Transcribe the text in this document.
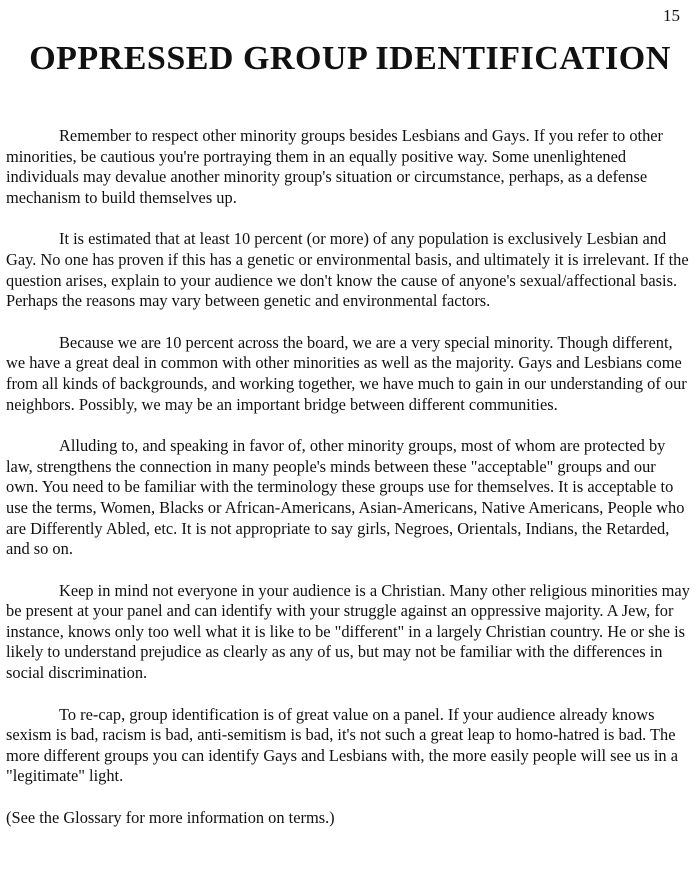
15
OPPRESSED GROUP IDENTIFICATION

Remember to respect other minority groups besides Lesbians and Gays. If you refer to other minorities, be cautious you're portraying them in an equally positive way. Some unenlightened individuals may devalue another minority group's situation or circumstance, perhaps, as a defense mechanism to build themselves up.

It is estimated that at least 10 percent (or more) of any population is exclusively Lesbian and Gay. No one has proven if this has a genetic or environmental basis, and ultimately it is irrelevant. If the question arises, explain to your audience we don't know the cause of anyone's sexual/affectional basis. Perhaps the reasons may vary between genetic and environmental factors.

Because we are 10 percent across the board, we are a very special minority. Though different, we have a great deal in common with other minorities as well as the majority. Gays and Lesbians come from all kinds of backgrounds, and working together, we have much to gain in our understanding of our neighbors. Possibly, we may be an important bridge between different communities.

Alluding to, and speaking in favor of, other minority groups, most of whom are protected by law, strengthens the connection in many people's minds between these "acceptable" groups and our own. You need to be familiar with the terminology these groups use for themselves. It is acceptable to use the terms, Women, Blacks or African-Americans, Asian-Americans, Native Americans, People who are Differently Abled, etc. It is not appropriate to say girls, Negroes, Orientals, Indians, the Retarded, and so on.

Keep in mind not everyone in your audience is a Christian. Many other religious minorities may be present at your panel and can identify with your struggle against an oppressive majority. A Jew, for instance, knows only too well what it is like to be "different" in a largely Christian country. He or she is likely to understand prejudice as clearly as any of us, but may not be familiar with the differences in social discrimination.

To re-cap, group identification is of great value on a panel. If your audience already knows sexism is bad, racism is bad, anti-semitism is bad, it's not such a great leap to homo-hatred is bad. The more different groups you can identify Gays and Lesbians with, the more easily people will see us in a "legitimate" light.

(See the Glossary for more information on terms.)
